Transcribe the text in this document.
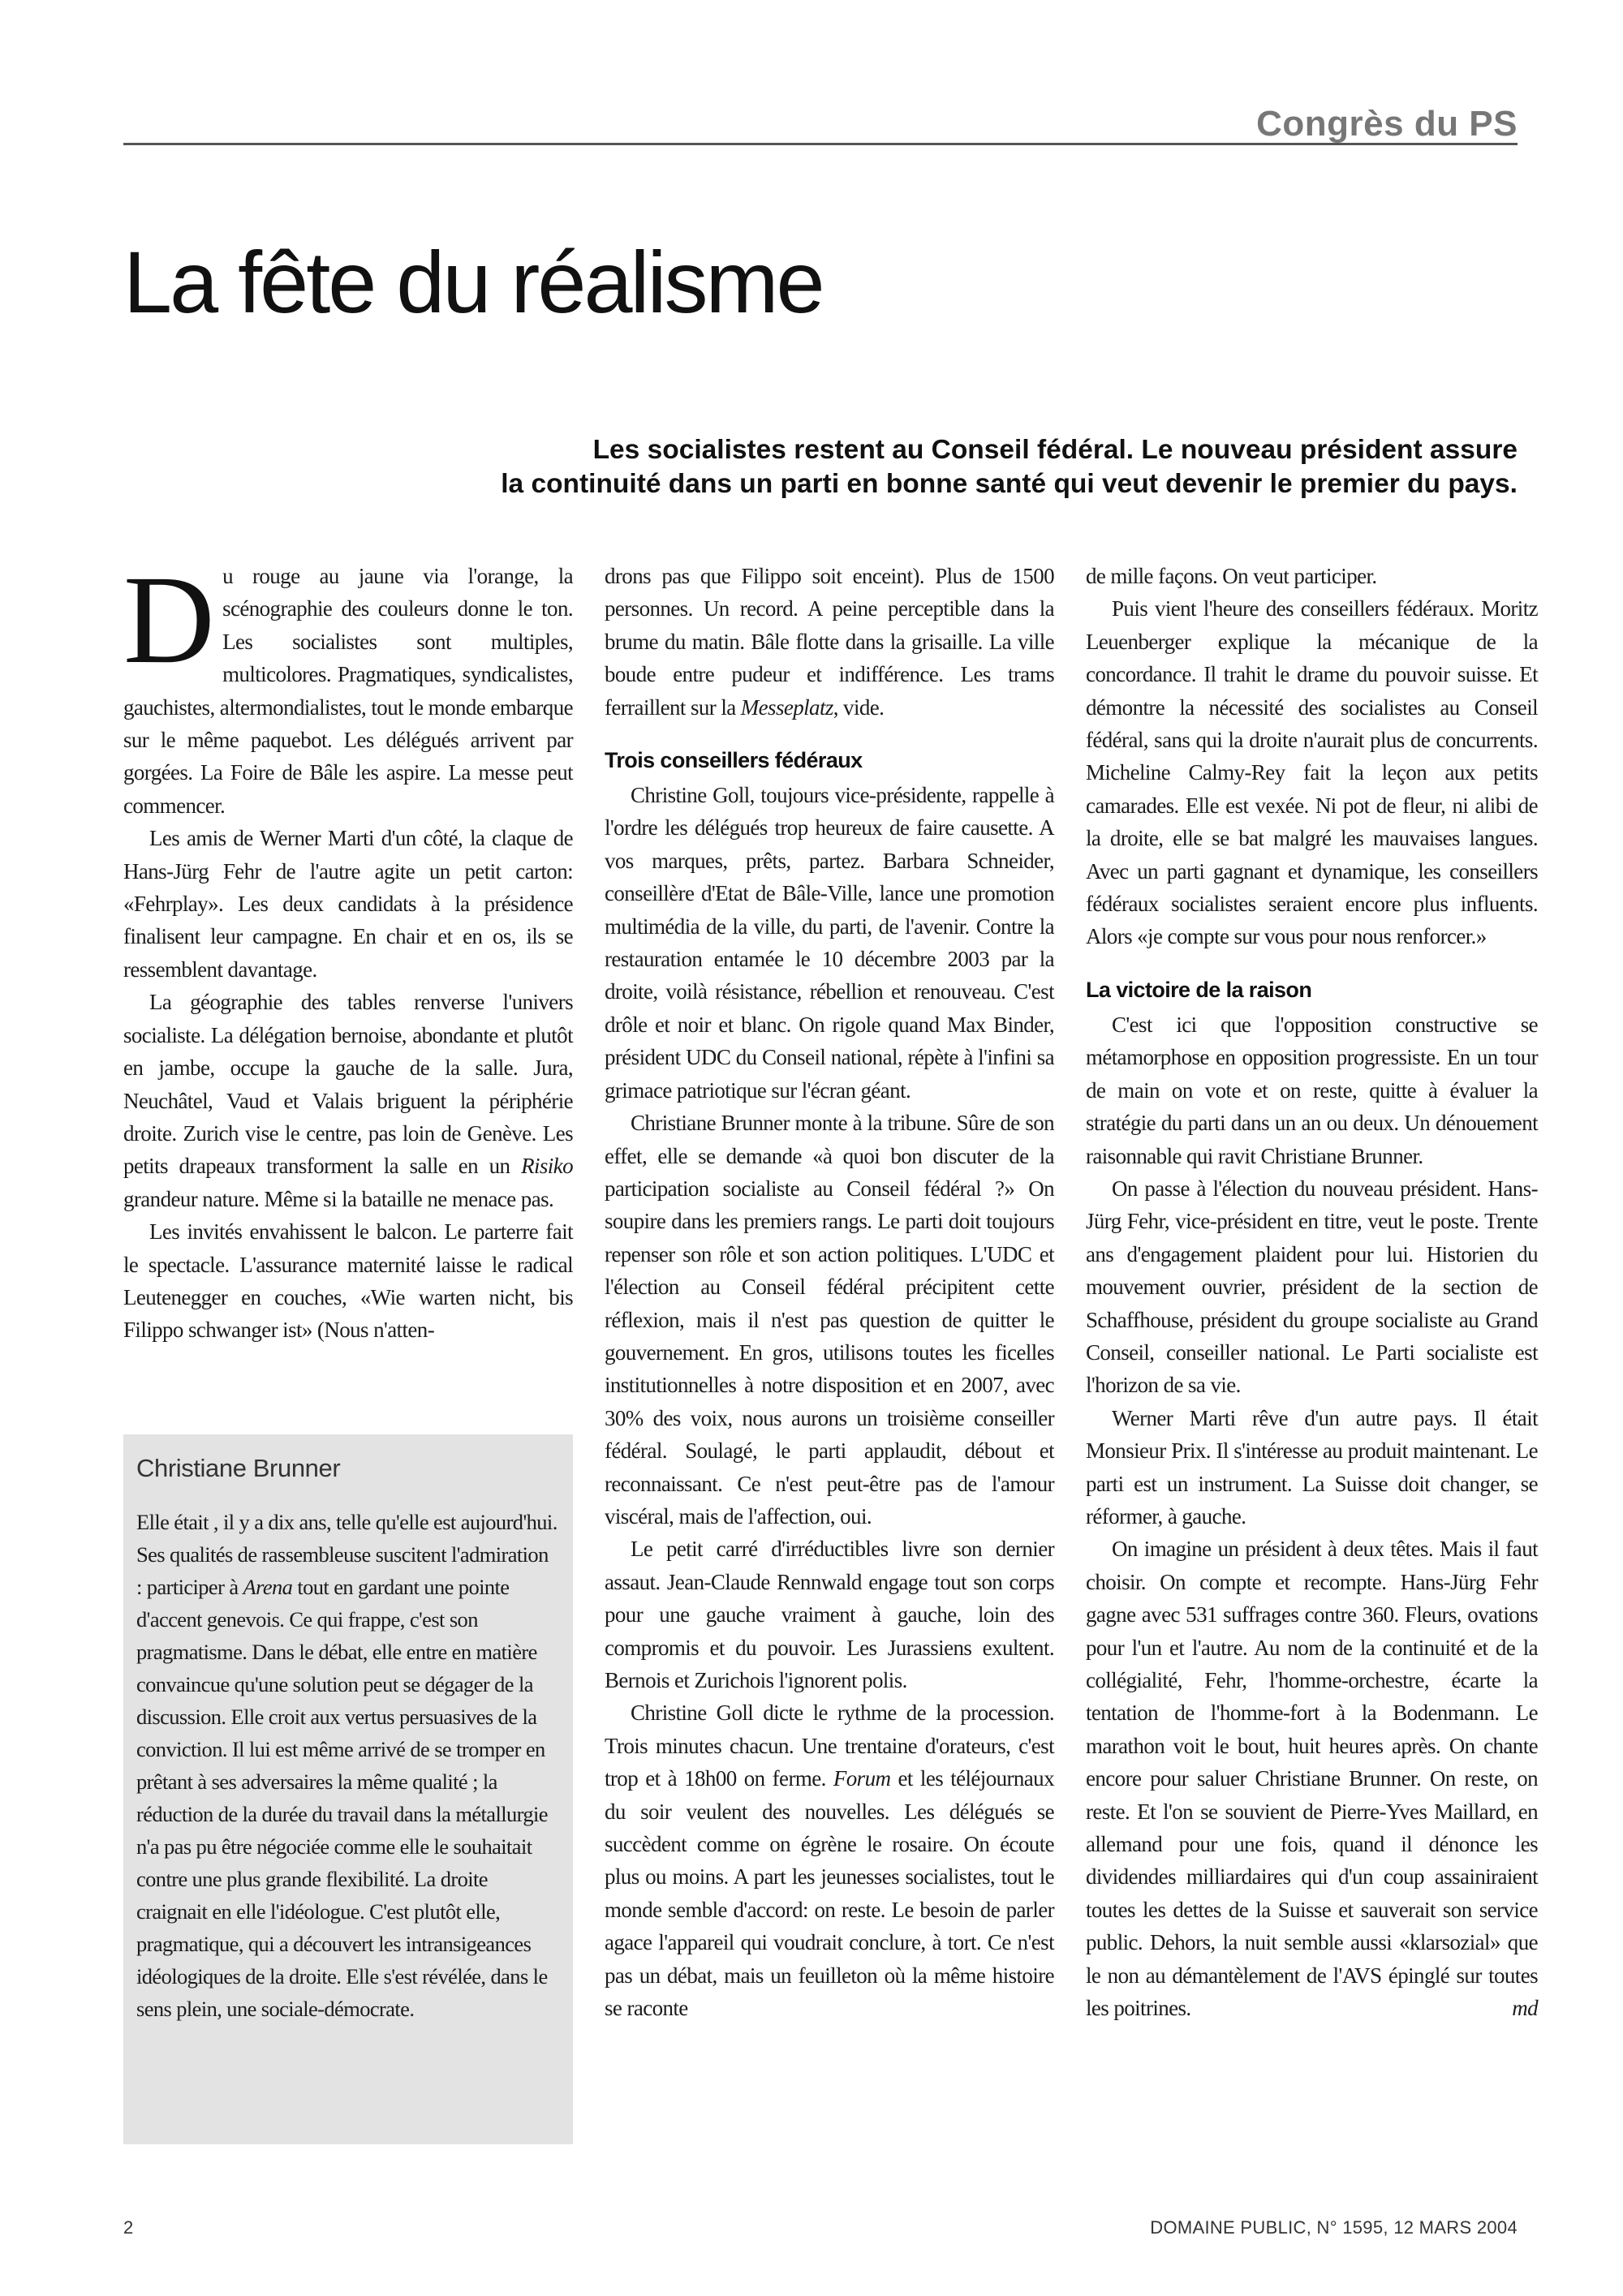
Congrès du PS
La fête du réalisme

Les socialistes restent au Conseil fédéral. Le nouveau président assure
la continuité dans un parti en bonne santé qui veut devenir le premier du pays.

Du rouge au jaune via l'orange, la scénographie des couleurs donne le ton. Les socialistes sont multiples, multicolores. Pragmatiques, syndicalistes, gauchistes, altermondialistes, tout le monde embarque sur le même paquebot. Les délégués arrivent par gorgées. La Foire de Bâle les aspire. La messe peut commencer.

Les amis de Werner Marti d'un côté, la claque de Hans-Jürg Fehr de l'autre agite un petit carton: «Fehrplay». Les deux candidats à la présidence finalisent leur campagne. En chair et en os, ils se ressemblent davantage.

La géographie des tables renverse l'univers socialiste. La délégation bernoise, abondante et plutôt en jambe, occupe la gauche de la salle. Jura, Neuchâtel, Vaud et Valais briguent la périphérie droite. Zurich vise le centre, pas loin de Genève. Les petits drapeaux transforment la salle en un Risiko grandeur nature. Même si la bataille ne menace pas.

Les invités envahissent le balcon. Le parterre fait le spectacle. L'assurance maternité laisse le radical Leutenegger en couches, «Wie warten nicht, bis Filippo schwanger ist» (Nous n'atten-

Christiane Brunner

Elle était , il y a dix ans, telle qu'elle est aujourd'hui. Ses qualités de rassembleuse suscitent l'admiration : participer à Arena tout en gardant une pointe d'accent genevois. Ce qui frappe, c'est son pragmatisme. Dans le débat, elle entre en matière convaincue qu'une solution peut se dégager de la discussion. Elle croit aux vertus persuasives de la conviction. Il lui est même arrivé de se tromper en prêtant à ses adversaires la même qualité ; la réduction de la durée du travail dans la métallurgie n'a pas pu être négociée comme elle le souhaitait contre une plus grande flexibilité. La droite craignait en elle l'idéologue. C'est plutôt elle, pragmatique, qui a découvert les intransigeances idéologiques de la droite. Elle s'est révélée, dans le sens plein, une sociale-démocrate.

drons pas que Filippo soit enceint). Plus de 1500 personnes. Un record. A peine perceptible dans la brume du matin. Bâle flotte dans la grisaille. La ville boude entre pudeur et indifférence. Les trams ferraillent sur la Messeplatz, vide.

Trois conseillers fédéraux

Christine Goll, toujours vice-présidente, rappelle à l'ordre les délégués trop heureux de faire causette. A vos marques, prêts, partez. Barbara Schneider, conseillère d'Etat de Bâle-Ville, lance une promotion multimédia de la ville, du parti, de l'avenir. Contre la restauration entamée le 10 décembre 2003 par la droite, voilà résistance, rébellion et renouveau. C'est drôle et noir et blanc. On rigole quand Max Binder, président UDC du Conseil national, répète à l'infini sa grimace patriotique sur l'écran géant.

Christiane Brunner monte à la tribune. Sûre de son effet, elle se demande «à quoi bon discuter de la participation socialiste au Conseil fédéral ?» On soupire dans les premiers rangs. Le parti doit toujours repenser son rôle et son action politiques. L'UDC et l'élection au Conseil fédéral précipitent cette réflexion, mais il n'est pas question de quitter le gouvernement. En gros, utilisons toutes les ficelles institutionnelles à notre disposition et en 2007, avec 30% des voix, nous aurons un troisième conseiller fédéral. Soulagé, le parti applaudit, débout et reconnaissant. Ce n'est peut-être pas de l'amour viscéral, mais de l'affection, oui.

Le petit carré d'irréductibles livre son dernier assaut. Jean-Claude Rennwald engage tout son corps pour une gauche vraiment à gauche, loin des compromis et du pouvoir. Les Jurassiens exultent. Bernois et Zurichois l'ignorent polis.

Christine Goll dicte le rythme de la procession. Trois minutes chacun. Une trentaine d'orateurs, c'est trop et à 18h00 on ferme. Forum et les téléjournaux du soir veulent des nouvelles. Les délégués se succèdent comme on égrène le rosaire. On écoute plus ou moins. A part les jeunesses socialistes, tout le monde semble d'accord: on reste. Le besoin de parler agace l'appareil qui voudrait conclure, à tort. Ce n'est pas un débat, mais un feuilleton où la même histoire se raconte

de mille façons. On veut participer.

Puis vient l'heure des conseillers fédéraux. Moritz Leuenberger explique la mécanique de la concordance. Il trahit le drame du pouvoir suisse. Et démontre la nécessité des socialistes au Conseil fédéral, sans qui la droite n'aurait plus de concurrents. Micheline Calmy-Rey fait la leçon aux petits camarades. Elle est vexée. Ni pot de fleur, ni alibi de la droite, elle se bat malgré les mauvaises langues. Avec un parti gagnant et dynamique, les conseillers fédéraux socialistes seraient encore plus influents. Alors «je compte sur vous pour nous renforcer.»

La victoire de la raison

C'est ici que l'opposition constructive se métamorphose en opposition progressiste. En un tour de main on vote et on reste, quitte à évaluer la stratégie du parti dans un an ou deux. Un dénouement raisonnable qui ravit Christiane Brunner.

On passe à l'élection du nouveau président. Hans-Jürg Fehr, vice-président en titre, veut le poste. Trente ans d'engagement plaident pour lui. Historien du mouvement ouvrier, président de la section de Schaffhouse, président du groupe socialiste au Grand Conseil, conseiller national. Le Parti socialiste est l'horizon de sa vie.

Werner Marti rêve d'un autre pays. Il était Monsieur Prix. Il s'intéresse au produit maintenant. Le parti est un instrument. La Suisse doit changer, se réformer, à gauche.

On imagine un président à deux têtes. Mais il faut choisir. On compte et recompte. Hans-Jürg Fehr gagne avec 531 suffrages contre 360. Fleurs, ovations pour l'un et l'autre. Au nom de la continuité et de la collégialité, Fehr, l'homme-orchestre, écarte la tentation de l'homme-fort à la Bodenmann. Le marathon voit le bout, huit heures après. On chante encore pour saluer Christiane Brunner. On reste, on reste. Et l'on se souvient de Pierre-Yves Maillard, en allemand pour une fois, quand il dénonce les dividendes milliardaires qui d'un coup assainiraient toutes les dettes de la Suisse et sauverait son service public. Dehors, la nuit semble aussi «klarsozial» que le non au démantèlement de l'AVS épinglé sur toutes les poitrines.	md

2	DOMAINE PUBLIC, N° 1595, 12 MARS 2004
